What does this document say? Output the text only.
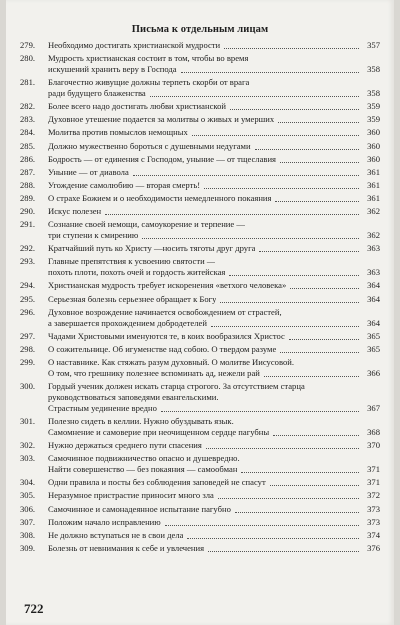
Письма к отдельным лицам
279.	Необходимо достигать христианской мудрости	357
280.	Мудрость христианская состоит в том, чтобы во время
искушений хранить веру в Господа	358
281.	Благочестно живущие должны терпеть скорби от врага
ради будущего блаженства	358
282.	Более всего надо достигать любви христианской	359
283.	Духовное утешение подается за молитвы о живых и умерших	359
284.	Молитва против помыслов немощных	360
285.	Должно мужественно бороться с душевными недугами	360
286.	Бодрость — от единения с Господом, уныние — от тщеславия	360
287.	Уныние — от диавола	361
288.	Угождение самолюбию — вторая смерть!	361
289.	О страхе Божием и о необходимости немедленного покаяния	361
290.	Искус полезен	362
291.	Сознание своей немощи, самоукорение и терпение —
три ступени к смирению	362
292.	Кратчайший путь ко Христу —носить тяготы друг друга	363
293.	Главные препятствия к усвоению святости —
похоть плоти, похоть очей и гордость житейская	363
294.	Христианская мудрость требует искоренения «ветхого человека»	364
295.	Серьезная болезнь серьезнее обращает к Богу	364
296.	Духовное возрождение начинается освобождением от страстей,
а завершается прохождением добродетелей	364
297.	Чадами Христовыми именуются те, в коих вообразился Христос	365
298.	О сожительнице. Об игуменстве над собою. О твердом разуме	365
299.	О наставнике. Как стяжать разум духовный. О молитве Иисусовой.
О том, что грешнику полезнее вспоминать ад, нежели рай	366
300.	Гордый ученик должен искать старца строгого. За отсутствием старца
руководствоваться заповедями евангельскими.
Страстным уединение вредно	367
301.	Полезно сидеть в келлии. Нужно обуздывать язык.
Самомнение и самоверие при неочищенном сердце пагубны	368
302.	Нужно держаться среднего пути спасения	370
303.	Самочинное подвижничество опасно и душевредно.
Найти совершенство — без покаяния — самообман	371
304.	Одни правила и посты без соблюдения заповедей не спасут	371
305.	Неразумное пристрастие приносит много зла	372
306.	Самочинное и самонадеянное испытание пагубно	373
307.	Положим начало исправлению	373
308.	Не должно вступаться не в свои дела	374
309.	Болезнь от невнимания к себе и увлечения	376
722
